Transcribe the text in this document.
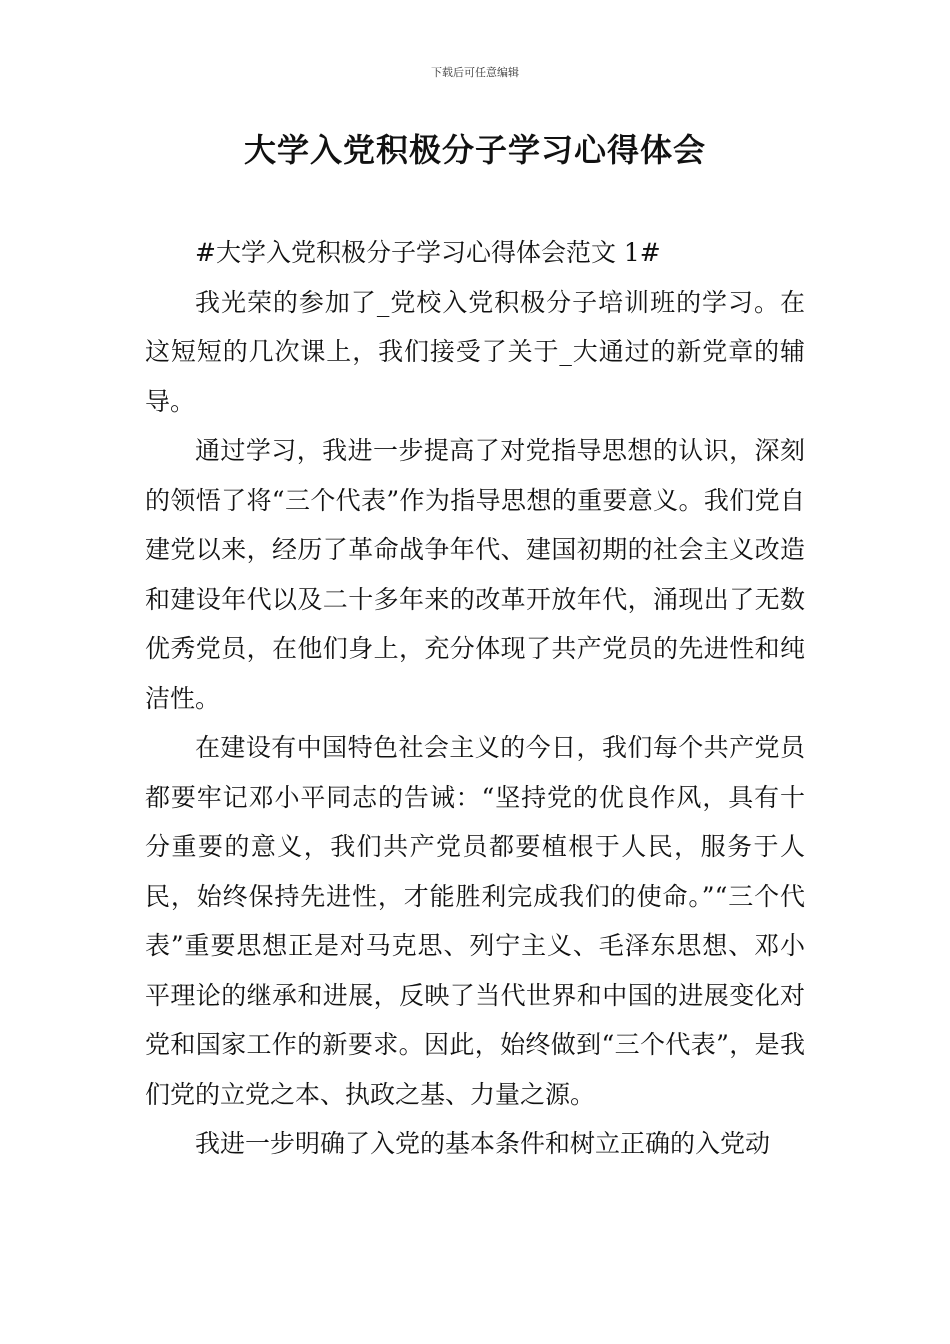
下载后可任意编辑
大学入党积极分子学习心得体会

#大学入党积极分子学习心得体会范文 1#

我光荣的参加了_党校入党积极分子培训班的学习。在这短短的几次课上，我们接受了关于_大通过的新党章的辅导。

通过学习，我进一步提高了对党指导思想的认识，深刻的领悟了将“三个代表”作为指导思想的重要意义。我们党自建党以来，经历了革命战争年代、建国初期的社会主义改造和建设年代以及二十多年来的改革开放年代，涌现出了无数优秀党员，在他们身上，充分体现了共产党员的先进性和纯洁性。

在建设有中国特色社会主义的今日，我们每个共产党员都要牢记邓小平同志的告诫：“坚持党的优良作风，具有十分重要的意义，我们共产党员都要植根于人民，服务于人民，始终保持先进性，才能胜利完成我们的使命。”“三个代表”重要思想正是对马克思、列宁主义、毛泽东思想、邓小平理论的继承和进展，反映了当代世界和中国的进展变化对党和国家工作的新要求。因此，始终做到“三个代表”，是我们党的立党之本、执政之基、力量之源。

我进一步明确了入党的基本条件和树立正确的入党动
